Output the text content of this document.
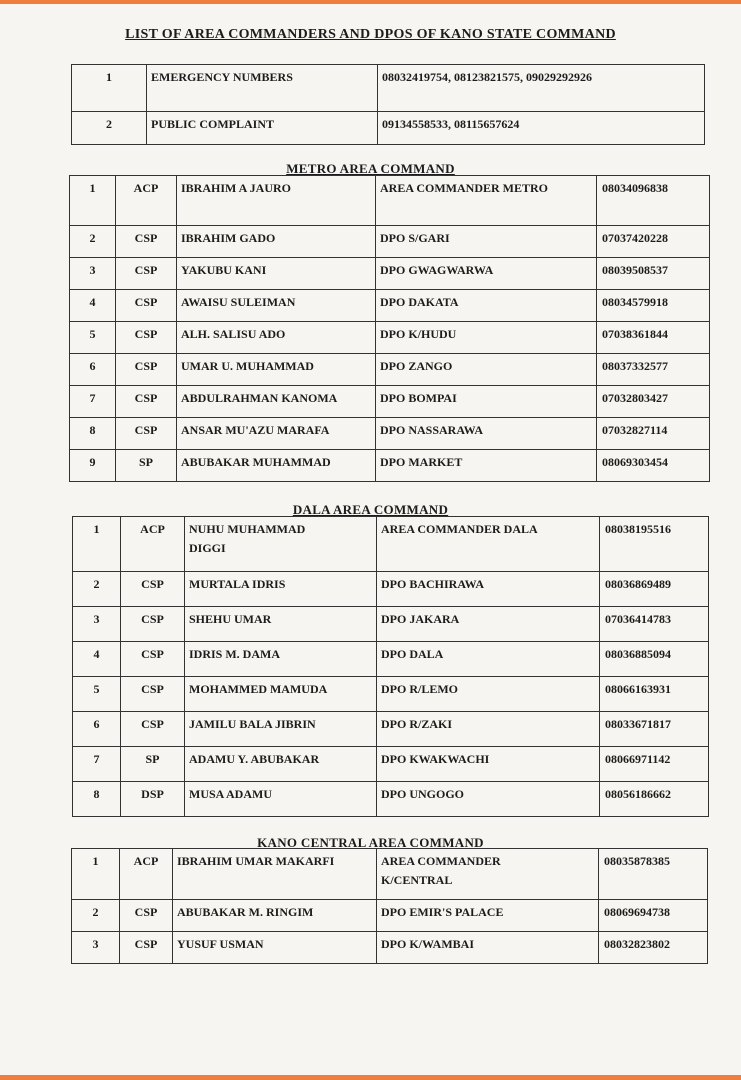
LIST OF AREA COMMANDERS AND DPOS OF KANO STATE COMMAND
1	EMERGENCY NUMBERS	08032419754, 08123821575, 09029292926
2	PUBLIC COMPLAINT	09134558533, 08115657624
METRO AREA COMMAND
1	ACP	IBRAHIM A JAURO	AREA COMMANDER METRO	08034096838
2	CSP	IBRAHIM GADO	DPO S/GARI	07037420228
3	CSP	YAKUBU KANI	DPO GWAGWARWA	08039508537
4	CSP	AWAISU SULEIMAN	DPO DAKATA	08034579918
5	CSP	ALH. SALISU ADO	DPO K/HUDU	07038361844
6	CSP	UMAR U. MUHAMMAD	DPO ZANGO	08037332577
7	CSP	ABDULRAHMAN KANOMA	DPO BOMPAI	07032803427
8	CSP	ANSAR MU'AZU MARAFA	DPO NASSARAWA	07032827114
9	SP	ABUBAKAR MUHAMMAD	DPO MARKET	08069303454
DALA AREA COMMAND
1	ACP	NUHU MUHAMMAD DIGGI	AREA COMMANDER DALA	08038195516
2	CSP	MURTALA IDRIS	DPO BACHIRAWA	08036869489
3	CSP	SHEHU UMAR	DPO JAKARA	07036414783
4	CSP	IDRIS M. DAMA	DPO DALA	08036885094
5	CSP	MOHAMMED MAMUDA	DPO R/LEMO	08066163931
6	CSP	JAMILU BALA JIBRIN	DPO R/ZAKI	08033671817
7	SP	ADAMU Y. ABUBAKAR	DPO KWAKWACHI	08066971142
8	DSP	MUSA ADAMU	DPO UNGOGO	08056186662
KANO CENTRAL AREA COMMAND
1	ACP	IBRAHIM UMAR MAKARFI	AREA COMMANDER K/CENTRAL	08035878385
2	CSP	ABUBAKAR M. RINGIM	DPO EMIR'S PALACE	08069694738
3	CSP	YUSUF USMAN	DPO K/WAMBAI	08032823802
